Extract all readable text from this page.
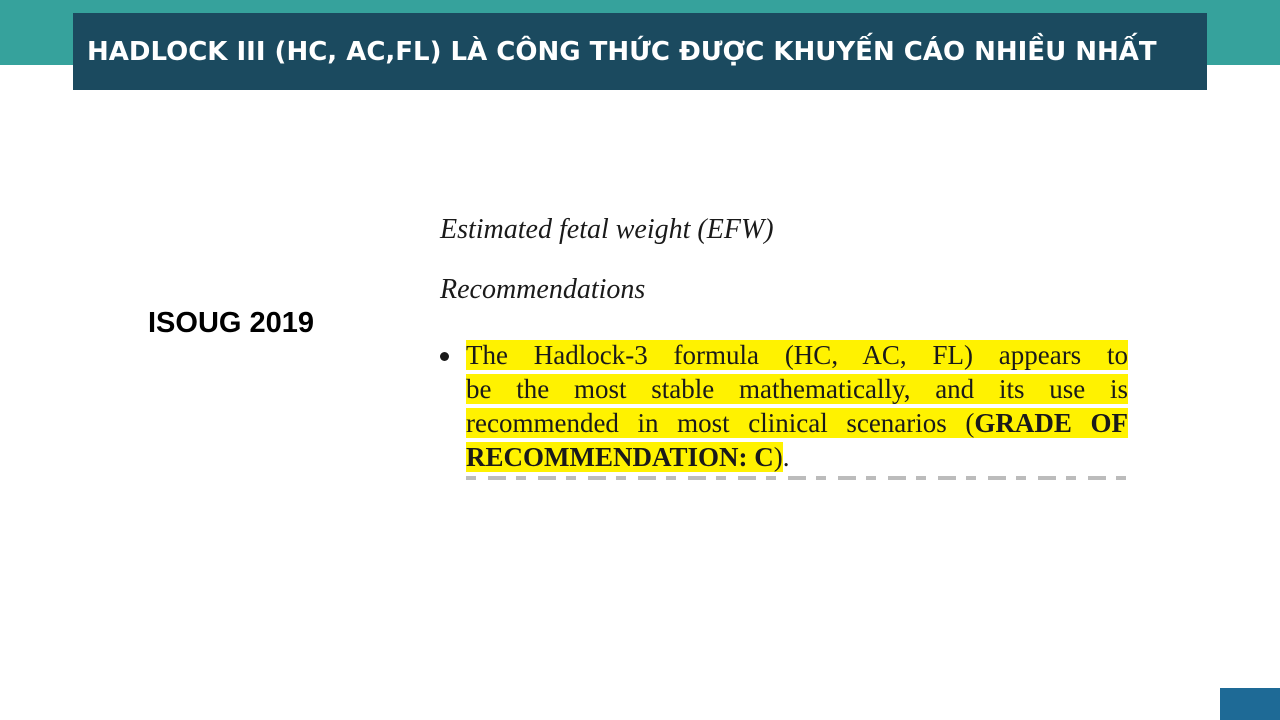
HADLOCK III (HC, AC,FL) LÀ CÔNG THỨC ĐƯỢC KHUYẾN CÁO NHIỀU NHẤT
ISOUG 2019
Estimated fetal weight (EFW)
Recommendations
The Hadlock-3 formula (HC, AC, FL) appears to
be the most stable mathematically, and its use is
recommended in most clinical scenarios (GRADE OF
RECOMMENDATION: C).
